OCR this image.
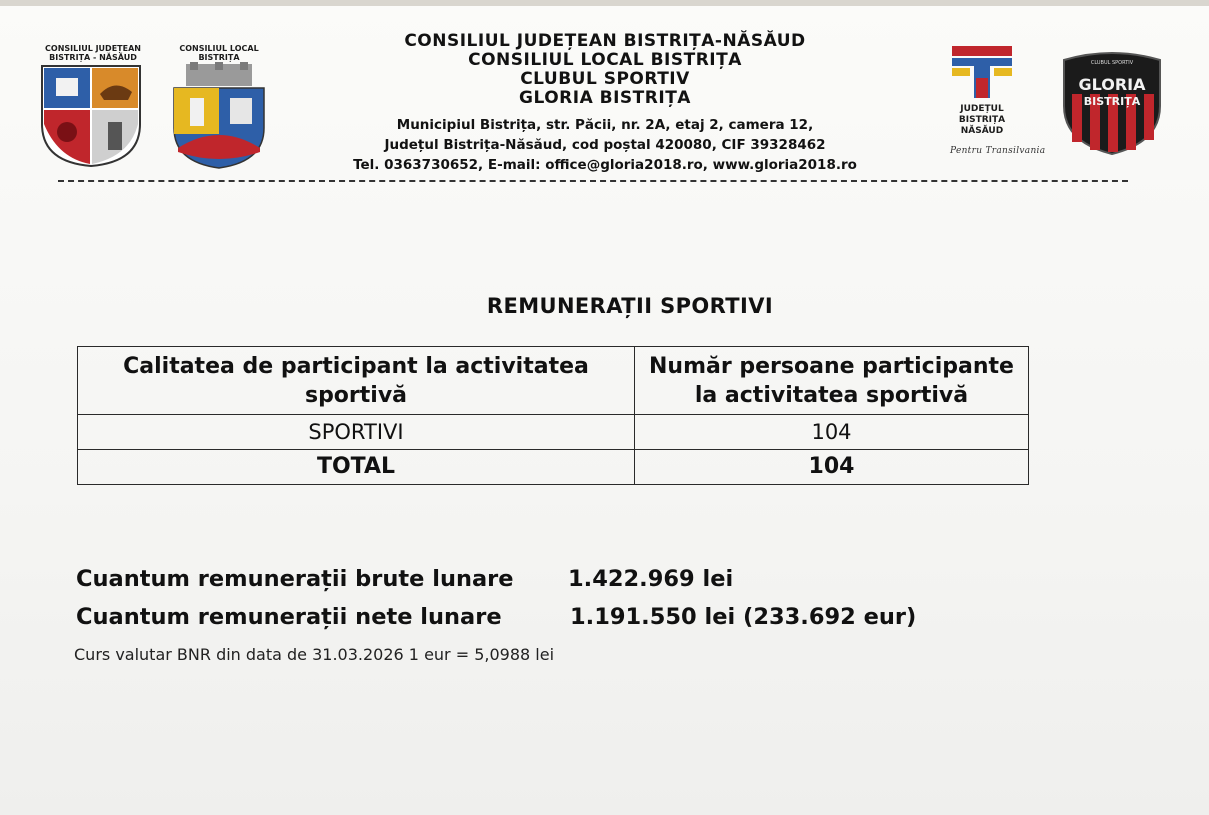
CONSILIUL JUDEȚEAN
BISTRIȚA - NĂSĂUD
CONSILIUL LOCAL
BISTRIȚA
CONSILIUL JUDEȚEAN BISTRIȚA-NĂSĂUD
CONSILIUL LOCAL BISTRIȚA
CLUBUL SPORTIV
GLORIA BISTRIȚA
Municipiul Bistrița, str. Păcii, nr. 2A, etaj 2, camera 12,
Județul Bistrița-Năsăud, cod poștal 420080, CIF 39328462
Tel. 0363730652, E-mail: office@gloria2018.ro, www.gloria2018.ro
JUDEȚUL
BISTRIȚA
NĂSĂUD
Pentru Transilvania
CLUBUL SPORTIV
GLORIA
BISTRIȚA
REMUNERAȚII SPORTIVI
Calitatea de participant la activitatea sportivă	Număr persoane participante la activitatea sportivă
SPORTIVI	104
TOTAL	104
Cuantum remunerații brute lunare 1.422.969 lei
Cuantum remunerații nete lunare	1.191.550 lei (233.692 eur)
Curs valutar BNR din data de 31.03.2026 1 eur = 5,0988 lei
